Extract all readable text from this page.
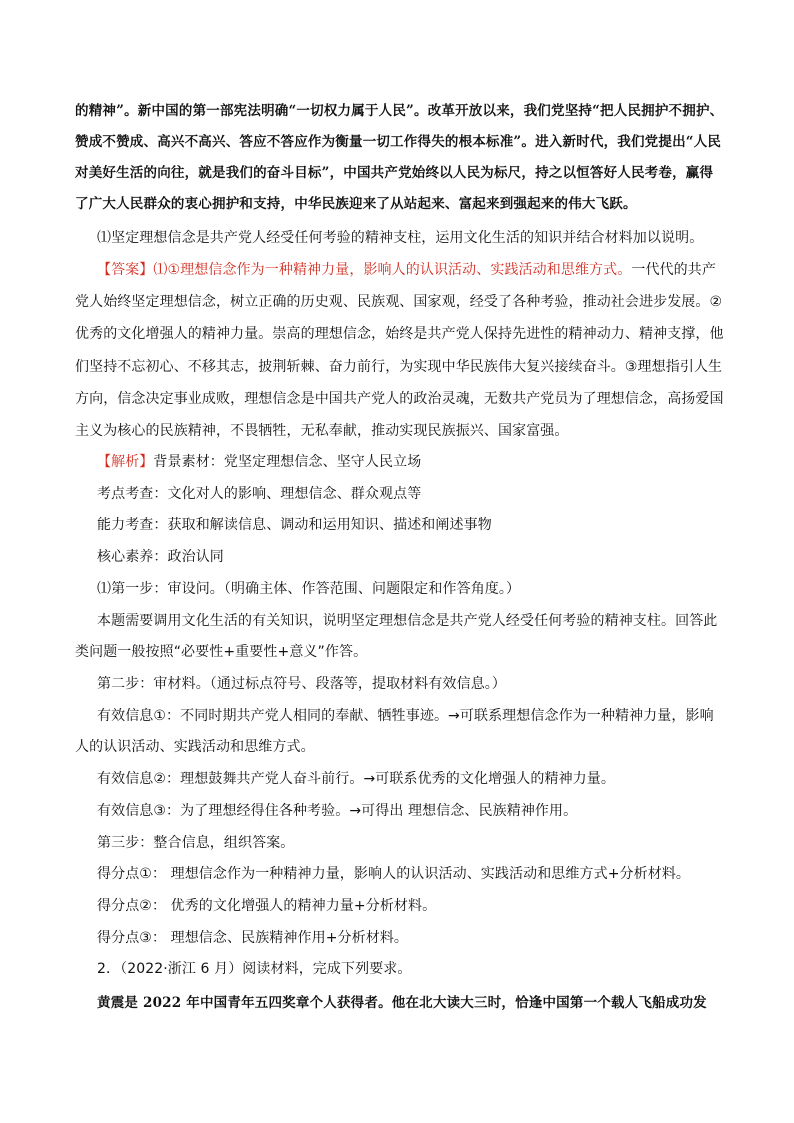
的精神”。新中国的第一部宪法明确“一切权力属于人民”。改革开放以来，我们党坚持“把人民拥护不拥护、
赞成不赞成、高兴不高兴、答应不答应作为衡量一切工作得失的根本标准”。进入新时代，我们党提出“人民
对美好生活的向往，就是我们的奋斗目标”，中国共产党始终以人民为标尺，持之以恒答好人民考卷，赢得
了广大人民群众的衷心拥护和支持，中华民族迎来了从站起来、富起来到强起来的伟大飞跃。
⑴坚定理想信念是共产党人经受任何考验的精神支柱，运用文化生活的知识并结合材料加以说明。
【答案】⑴①理想信念作为一种精神力量，影响人的认识活动、实践活动和思维方式。一代代的共产
党人始终坚定理想信念，树立正确的历史观、民族观、国家观，经受了各种考验，推动社会进步发展。②
优秀的文化增强人的精神力量。崇高的理想信念，始终是共产党人保持先进性的精神动力、精神支撑，他
们坚持不忘初心、不移其志，披荆斩棘、奋力前行，为实现中华民族伟大复兴接续奋斗。③理想指引人生
方向，信念决定事业成败，理想信念是中国共产党人的政治灵魂，无数共产党员为了理想信念，高扬爱国
主义为核心的民族精神，不畏牺牲，无私奉献，推动实现民族振兴、国家富强。
【解析】背景素材：党坚定理想信念、坚守人民立场
考点考查：文化对人的影响、理想信念、群众观点等
能力考查：获取和解读信息、调动和运用知识、描述和阐述事物
核心素养：政治认同
⑴第一步：审设问。（明确主体、作答范围、问题限定和作答角度。）
本题需要调用文化生活的有关知识，说明坚定理想信念是共产党人经受任何考验的精神支柱。回答此
类问题一般按照“必要性+重要性+意义”作答。
第二步：审材料。（通过标点符号、段落等，提取材料有效信息。）
有效信息①：不同时期共产党人相同的奉献、牺牲事迹。→可联系理想信念作为一种精神力量，影响
人的认识活动、实践活动和思维方式。
有效信息②：理想鼓舞共产党人奋斗前行。→可联系优秀的文化增强人的精神力量。
有效信息③：为了理想经得住各种考验。→可得出 理想信念、民族精神作用。
第三步：整合信息，组织答案。
得分点①： 理想信念作为一种精神力量，影响人的认识活动、实践活动和思维方式+分析材料。
得分点②： 优秀的文化增强人的精神力量+分析材料。
得分点③： 理想信念、民族精神作用+分析材料。
2．（2022·浙江 6 月）阅读材料，完成下列要求。
黄震是 2022 年中国青年五四奖章个人获得者。他在北大读大三时，恰逢中国第一个载人飞船成功发
